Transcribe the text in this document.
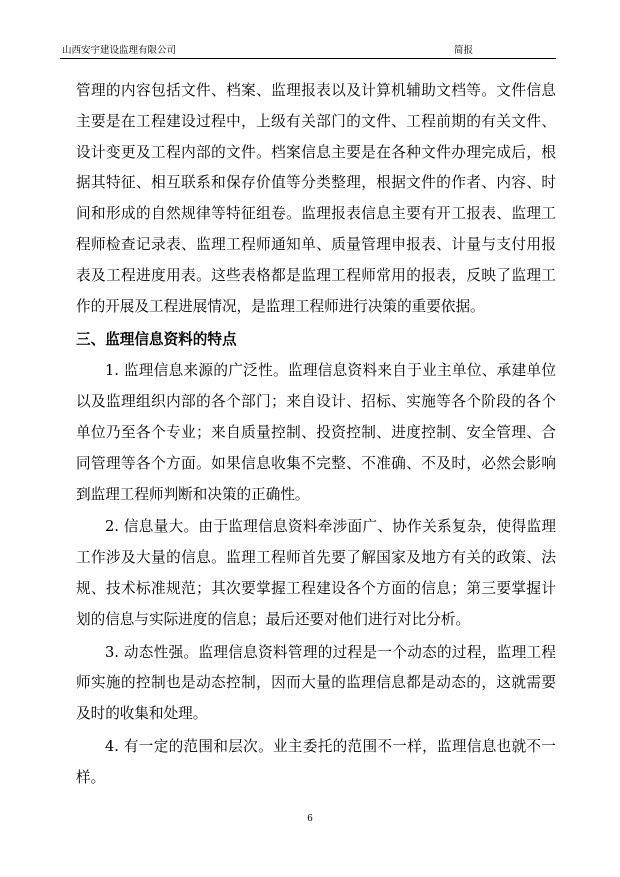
山西安宇建设监理有限公司	简报

管理的内容包括文件、档案、监理报表以及计算机辅助文档等。文件信息主要是在工程建设过程中，上级有关部门的文件、工程前期的有关文件、设计变更及工程内部的文件。档案信息主要是在各种文件办理完成后，根据其特征、相互联系和保存价值等分类整理，根据文件的作者、内容、时间和形成的自然规律等特征组卷。监理报表信息主要有开工报表、监理工程师检查记录表、监理工程师通知单、质量管理申报表、计量与支付用报表及工程进度用表。这些表格都是监理工程师常用的报表，反映了监理工作的开展及工程进展情况，是监理工程师进行决策的重要依据。

三、监理信息资料的特点

1. 监理信息来源的广泛性。监理信息资料来自于业主单位、承建单位以及监理组织内部的各个部门；来自设计、招标、实施等各个阶段的各个单位乃至各个专业；来自质量控制、投资控制、进度控制、安全管理、合同管理等各个方面。如果信息收集不完整、不准确、不及时，必然会影响到监理工程师判断和决策的正确性。

2. 信息量大。由于监理信息资料牵涉面广、协作关系复杂，使得监理工作涉及大量的信息。监理工程师首先要了解国家及地方有关的政策、法规、技术标准规范；其次要掌握工程建设各个方面的信息；第三要掌握计划的信息与实际进度的信息；最后还要对他们进行对比分析。

3. 动态性强。监理信息资料管理的过程是一个动态的过程，监理工程师实施的控制也是动态控制，因而大量的监理信息都是动态的，这就需要及时的收集和处理。

4. 有一定的范围和层次。业主委托的范围不一样，监理信息也就不一样。

6
